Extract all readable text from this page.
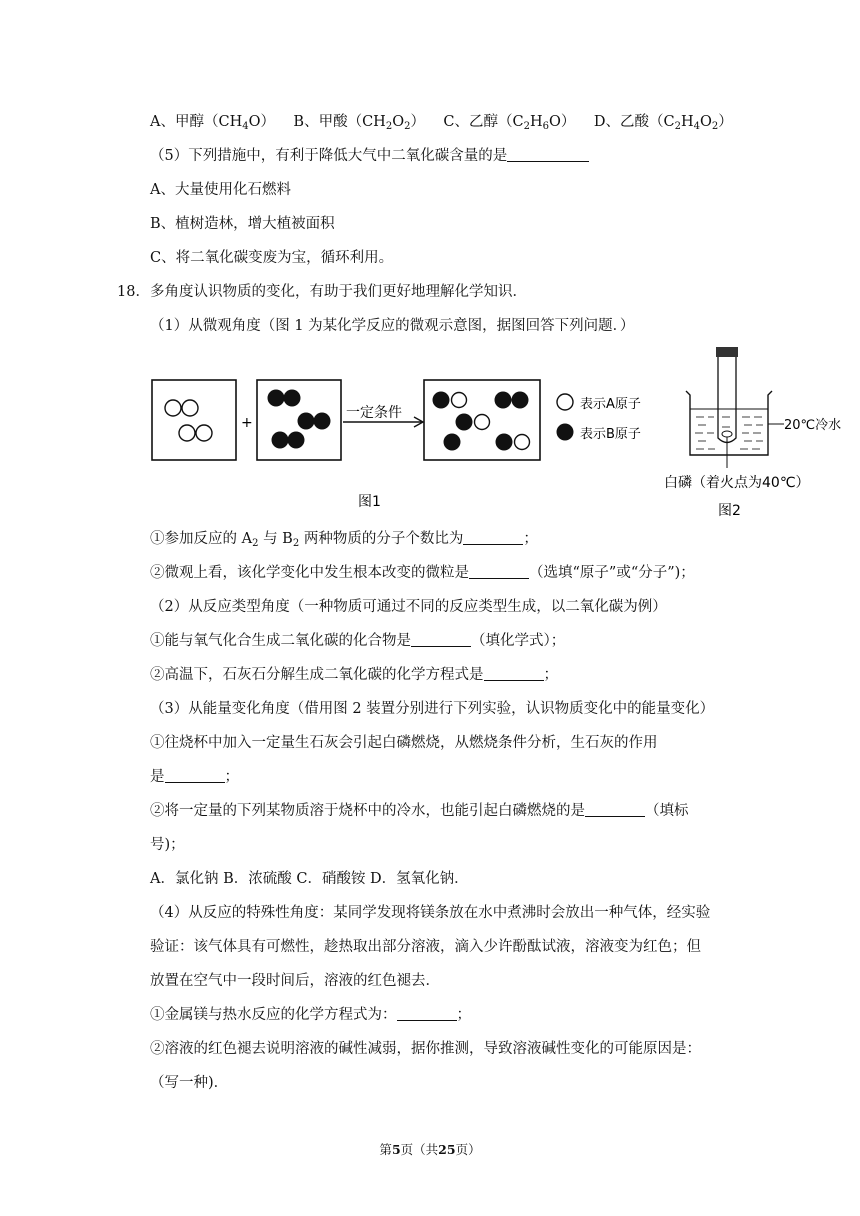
A、甲醇$(CH_4O)$ B、甲酸$(CH_2O_2)$ C、乙醇$(C_2H_6O)$ D、乙酸$(C_2H_4O_2)$
（5）下列措施中，有利于降低大气中二氧化碳含量的是
A、大量使用化石燃料
B、植树造林，增大植被面积
C、将二氧化碳变废为宝，循环利用。
18．多角度认识物质的变化，有助于我们更好地理解化学知识．
（1）从微观角度（图 1 为某化学反应的微观示意图，据图回答下列问题．）
+
一定条件
表示A原子
表示B原子
图1
20℃冷水
白磷（着火点为40℃）
图2
①参加反应的 $A_2$ 与 $B_2$ 两种物质的分子个数比为	；
②微观上看，该化学变化中发生根本改变的微粒是	（选填“原子”或“分子”)；
（2）从反应类型角度（一种物质可通过不同的反应类型生成，以二氧化碳为例）
①能与氧气化合生成二氧化碳的化合物是	（填化学式）；
②高温下，石灰石分解生成二氧化碳的化学方程式是	；
（3）从能量变化角度（借用图 2 装置分别进行下列实验，认识物质变化中的能量变化）
①往烧杯中加入一定量生石灰会引起白磷燃烧，从燃烧条件分析，生石灰的作用
是	；
②将一定量的下列某物质溶于烧杯中的冷水，也能引起白磷燃烧的是	（填标
号)；
A．氯化钠 B．浓硫酸 C．硝酸铵 D．氢氧化钠．
（4）从反应的特殊性角度：某同学发现将镁条放在水中煮沸时会放出一种气体，经实验
验证：该气体具有可燃性，趁热取出部分溶液，滴入少许酚酞试液，溶液变为红色；但
放置在空气中一段时间后，溶液的红色褪去．
①金属镁与热水反应的化学方程式为：	；
②溶液的红色褪去说明溶液的碱性减弱，据你推测，导致溶液碱性变化的可能原因是：
（写一种)．
第5页（共25页）
